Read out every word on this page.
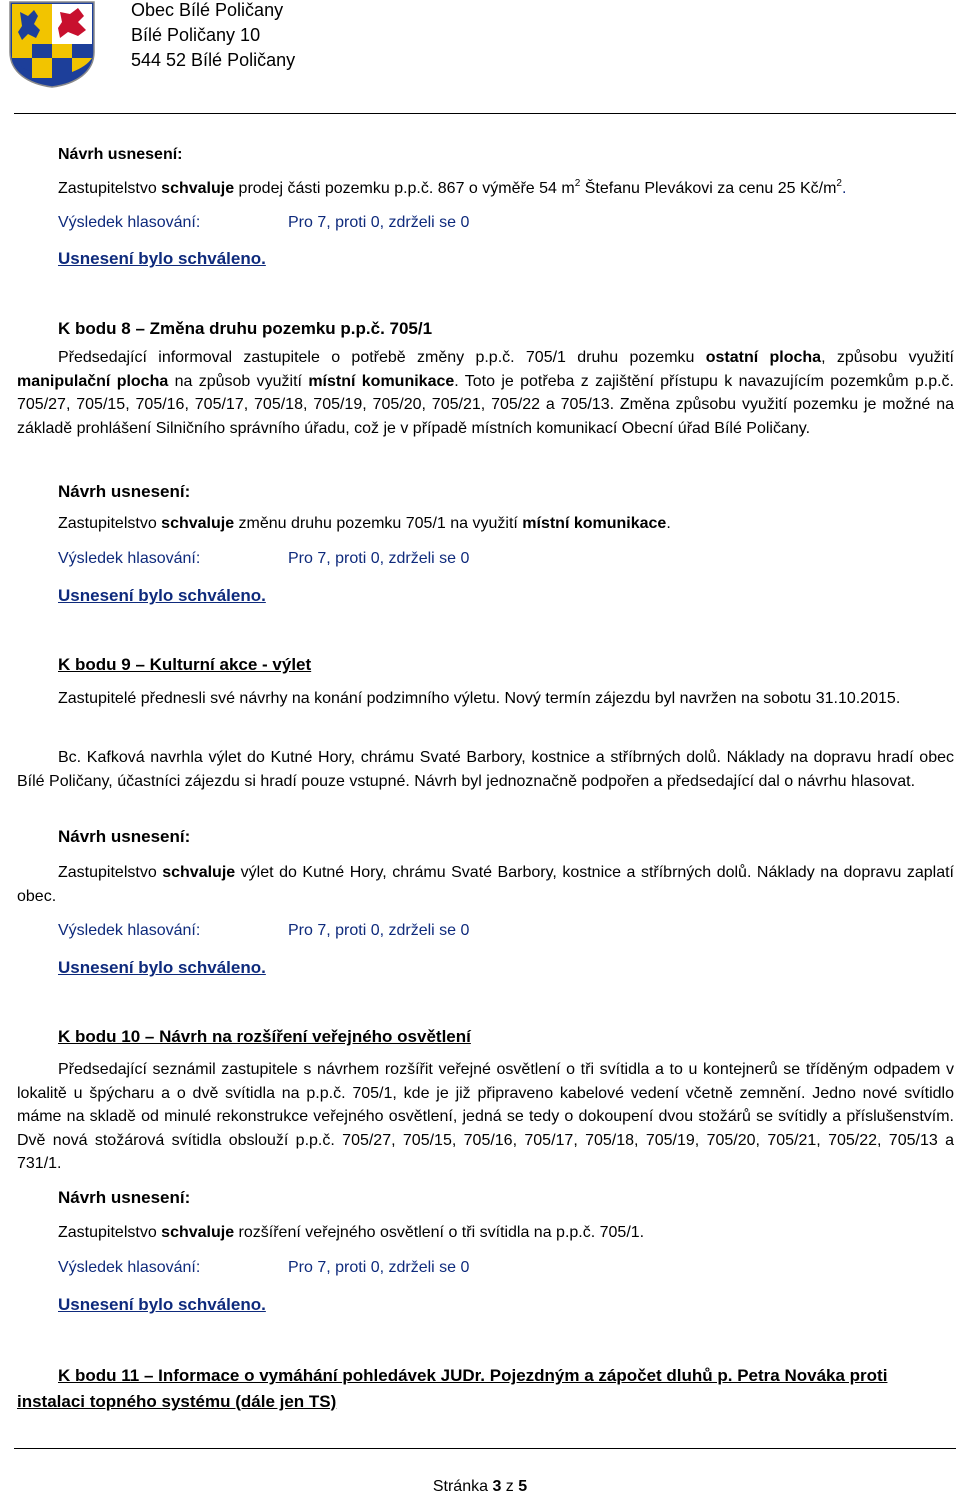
Obec Bílé Poličany
Bílé Poličany 10
544 52 Bílé Poličany
Návrh usnesení:
Zastupitelstvo schvaluje prodej části pozemku p.p.č. 867 o výměře 54 $m^2$ Štefanu Plevákovi za cenu 25 $Kč/m^2$.
Výsledek hlasování:	Pro 7, proti 0, zdrželi se 0
Usnesení bylo schváleno.
K bodu 8 – Změna druhu pozemku p.p.č. 705/1
Předsedající informoval zastupitele o potřebě změny p.p.č. 705/1 druhu pozemku ostatní plocha, způsobu využití manipulační plocha na způsob využití místní komunikace. Toto je potřeba z zajištění přístupu k navazujícím pozemkům p.p.č. 705/27, 705/15, 705/16, 705/17, 705/18, 705/19, 705/20, 705/21, 705/22 a 705/13. Změna způsobu využití pozemku je možné na základě prohlášení Silničního správního úřadu, což je v případě místních komunikací Obecní úřad Bílé Poličany.
Návrh usnesení:
Zastupitelstvo schvaluje změnu druhu pozemku 705/1 na využití místní komunikace.
Výsledek hlasování:	Pro 7, proti 0, zdrželi se 0
Usnesení bylo schváleno.
K bodu 9 – Kulturní akce - výlet
Zastupitelé přednesli své návrhy na konání podzimního výletu. Nový termín zájezdu byl navržen na sobotu 31.10.2015.
Bc. Kafková navrhla výlet do Kutné Hory, chrámu Svaté Barbory, kostnice a stříbrných dolů. Náklady na dopravu hradí obec Bílé Poličany, účastníci zájezdu si hradí pouze vstupné. Návrh byl jednoznačně podpořen a předsedající dal o návrhu hlasovat.
Návrh usnesení:
Zastupitelstvo schvaluje výlet do Kutné Hory, chrámu Svaté Barbory, kostnice a stříbrných dolů. Náklady na dopravu zaplatí obec.
Výsledek hlasování:	Pro 7, proti 0, zdrželi se 0
Usnesení bylo schváleno.
K bodu 10 – Návrh na rozšíření veřejného osvětlení
Předsedající seznámil zastupitele s návrhem rozšířit veřejné osvětlení o tři svítidla a to u kontejnerů se tříděným odpadem v lokalitě u špýcharu a o dvě svítidla na p.p.č. 705/1, kde je již připraveno kabelové vedení včetně zemnění. Jedno nové svítidlo máme na skladě od minulé rekonstrukce veřejného osvětlení, jedná se tedy o dokoupení dvou stožárů se svítidly a příslušenstvím. Dvě nová stožárová svítidla obslouží p.p.č. 705/27, 705/15, 705/16, 705/17, 705/18, 705/19, 705/20, 705/21, 705/22, 705/13 a 731/1.
Návrh usnesení:
Zastupitelstvo schvaluje rozšíření veřejného osvětlení o tři svítidla na p.p.č. 705/1.
Výsledek hlasování:	Pro 7, proti 0, zdrželi se 0
Usnesení bylo schváleno.
K bodu 11 – Informace o vymáhání pohledávek JUDr. Pojezdným a zápočet dluhů p. Petra Nováka proti instalaci topného systému (dále jen TS)
Stránka 3 z 5
